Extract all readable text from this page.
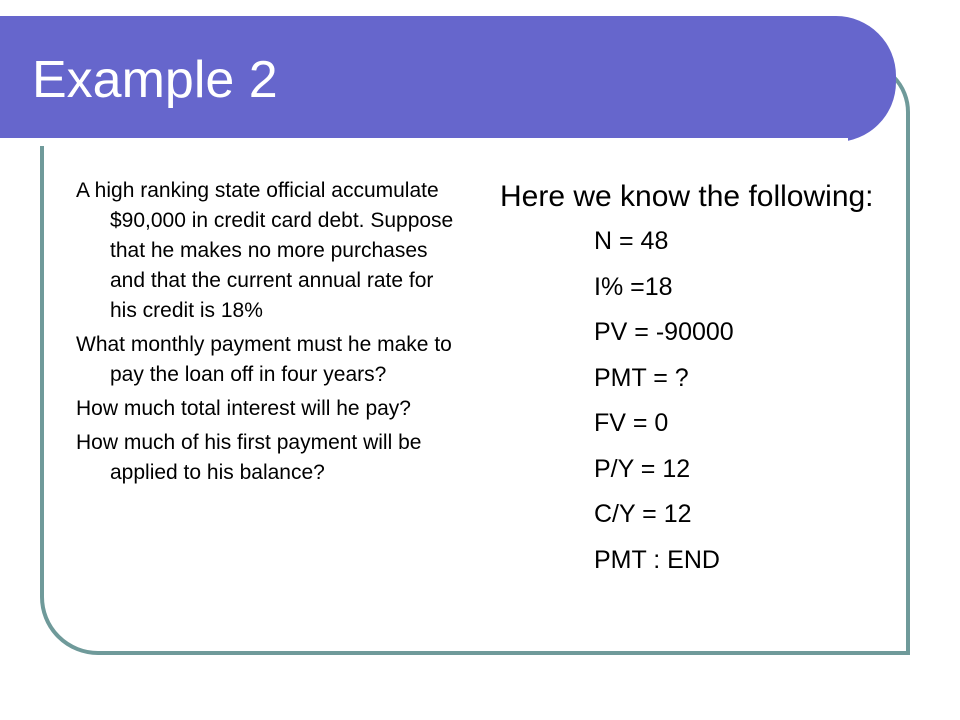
Example 2

A high ranking state official accumulate $90,000 in credit card debt. Suppose that he makes no more purchases and that the current annual rate for his credit is 18%

What monthly payment must he make to pay the loan off in four years?

How much total interest will he pay?

How much of his first payment will be applied to his balance?

Here we know the following:

N = 48
I% =18
PV = -90000
PMT = ?
FV = 0
P/Y = 12
C/Y = 12
PMT : END
